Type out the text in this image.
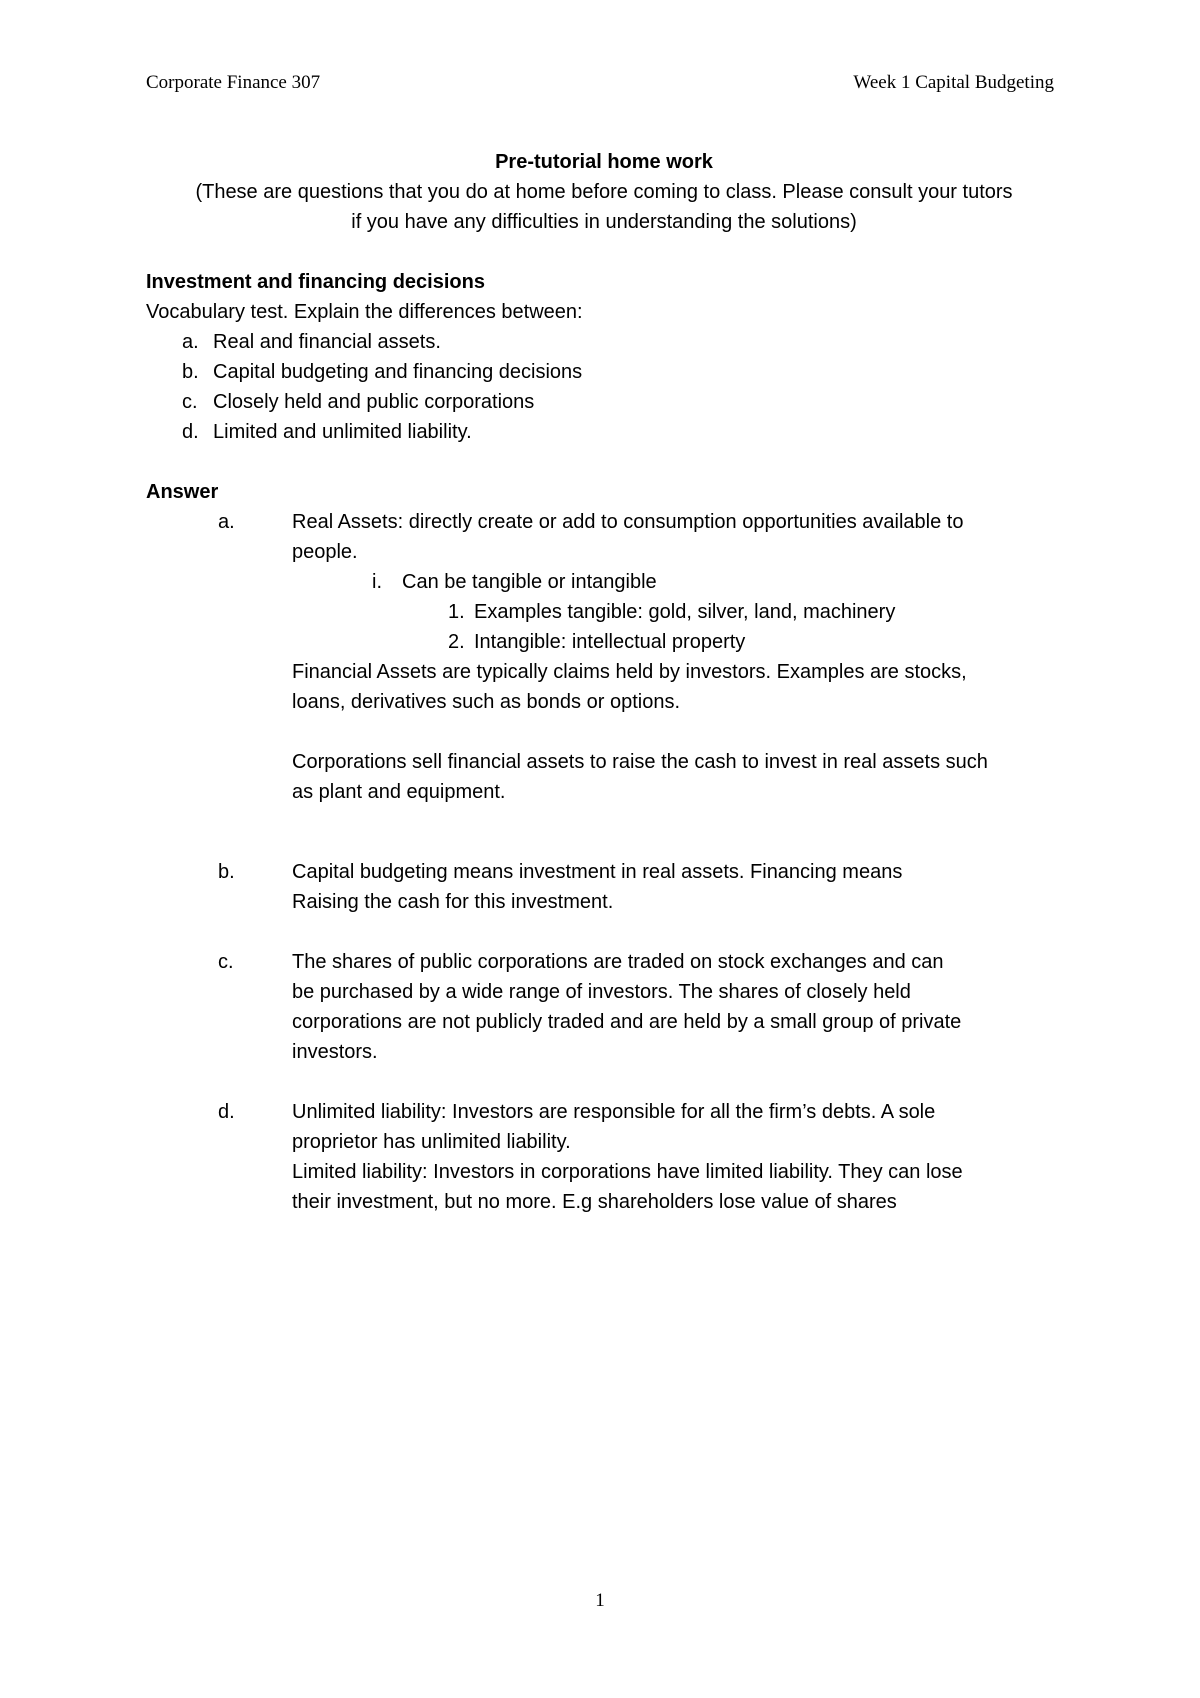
Corporate Finance 307	Week 1 Capital Budgeting
Pre-tutorial home work
(These are questions that you do at home before coming to class. Please consult your tutors
if you have any difficulties in understanding the solutions)
Investment and financing decisions
Vocabulary test. Explain the differences between:
a. Real and financial assets.
b. Capital budgeting and financing decisions
c. Closely held and public corporations
d. Limited and unlimited liability.
Answer
a.	Real Assets: directly create or add to consumption opportunities available to
people.
i. Can be tangible or intangible
1. Examples tangible: gold, silver, land, machinery
2. Intangible: intellectual property
Financial Assets are typically claims held by investors. Examples are stocks,
loans, derivatives such as bonds or options.
Corporations sell financial assets to raise the cash to invest in real assets such
as plant and equipment.
b.	Capital budgeting means investment in real assets. Financing means
Raising the cash for this investment.
c.	The shares of public corporations are traded on stock exchanges and can
be purchased by a wide range of investors. The shares of closely held
corporations are not publicly traded and are held by a small group of private
investors.
d.	Unlimited liability: Investors are responsible for all the firm’s debts. A sole
proprietor has unlimited liability.
Limited liability: Investors in corporations have limited liability. They can lose
their investment, but no more. E.g shareholders lose value of shares
1
